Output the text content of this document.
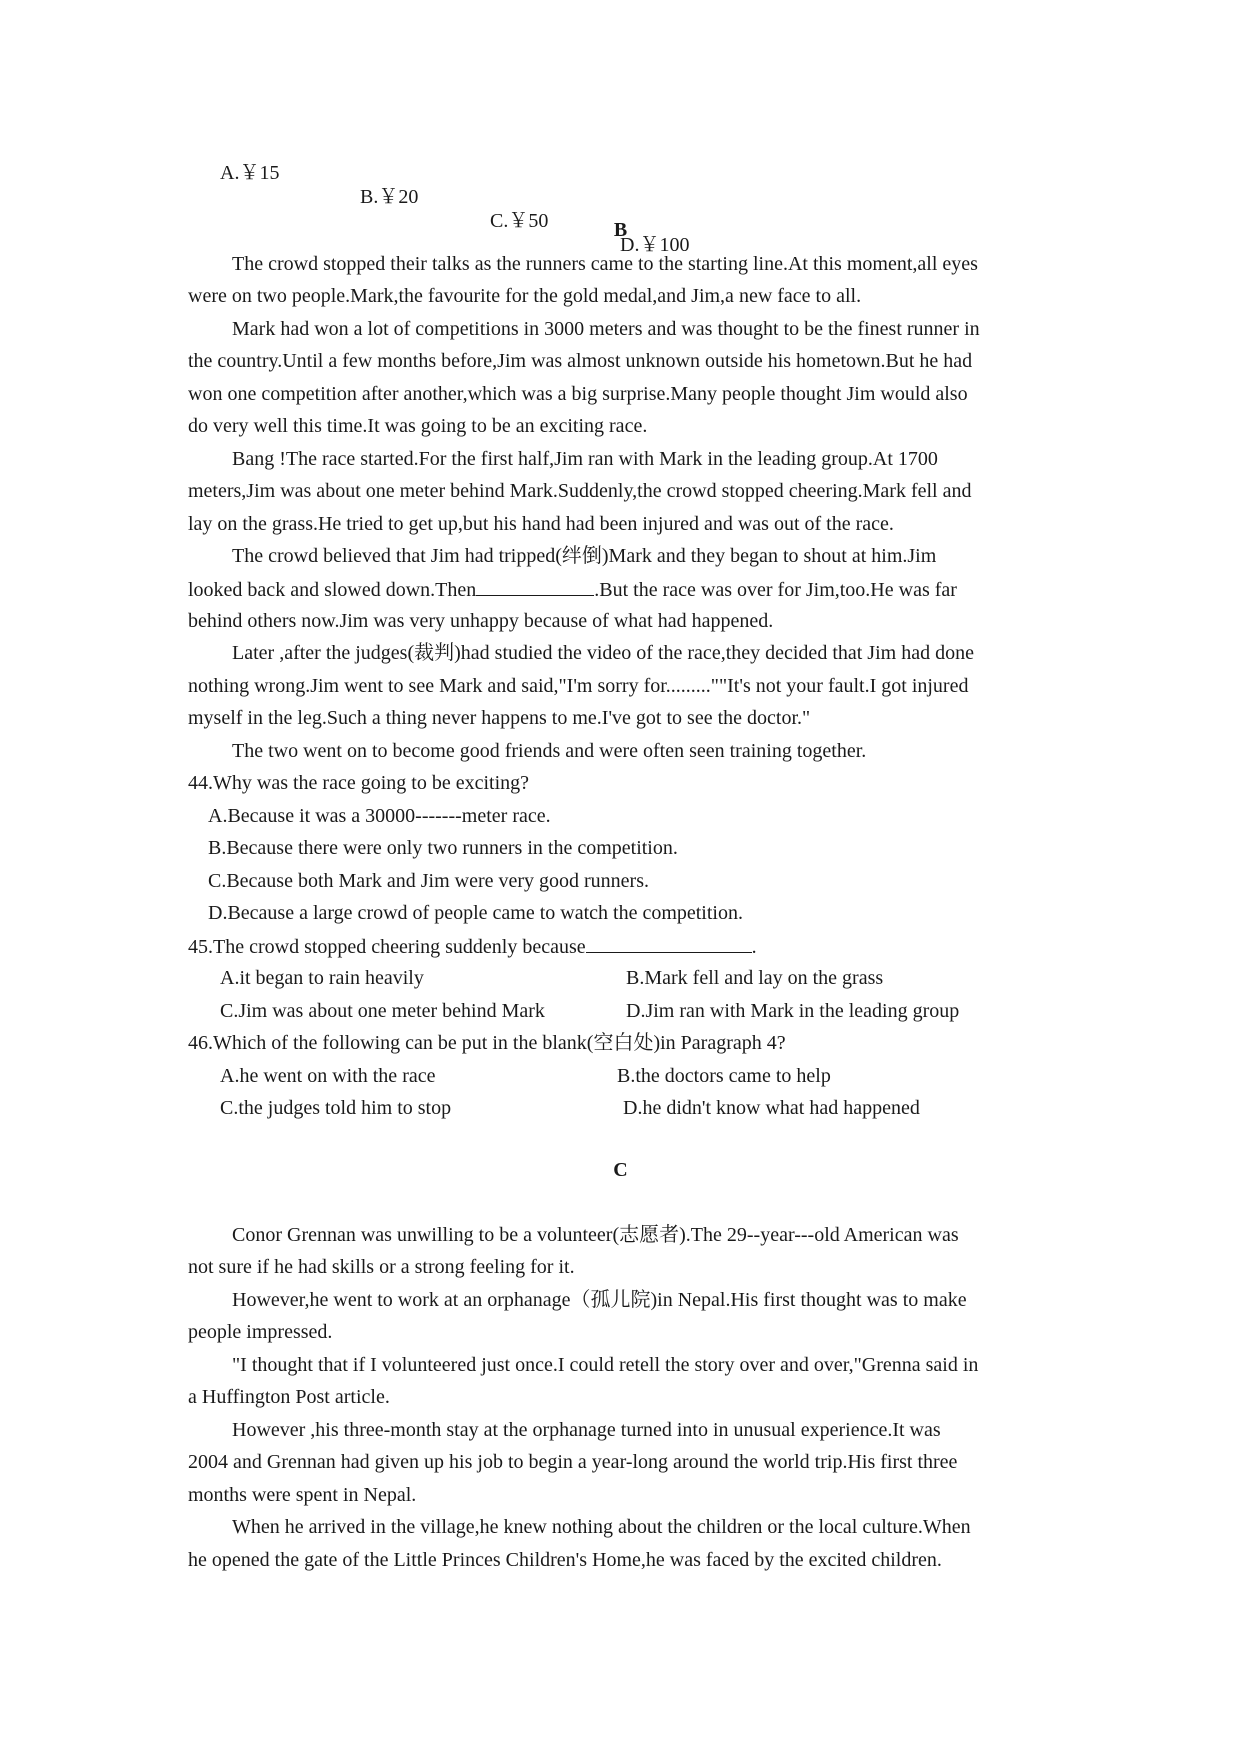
A.￥15

B.￥20

C.￥50

D.￥100

B
The crowd stopped their talks as the runners came to the starting line.At this moment,all eyes
were on two people.Mark,the favourite for the gold medal,and Jim,a new face to all.
Mark had won a lot of competitions in 3000 meters and was thought to be the finest runner in
the country.Until a few months before,Jim was almost unknown outside his hometown.But he had
won one competition after another,which was a big surprise.Many people thought Jim would also
do very well this time.It was going to be an exciting race.
Bang !The race started.For the first half,Jim ran with Mark in the leading group.At 1700
meters,Jim was about one meter behind Mark.Suddenly,the crowd stopped cheering.Mark fell and
lay on the grass.He tried to get up,but his hand had been injured and was out of the race.
The crowd believed that Jim had tripped(绊倒)Mark and they began to shout at him.Jim
looked back and slowed down.Then	.But the race was over for Jim,too.He was far
behind others now.Jim was very unhappy because of what had happened.
Later ,after the judges(裁判)had studied the video of the race,they decided that Jim had done
nothing wrong.Jim went to see Mark and said,"I'm sorry for.........""It's not your fault.I got injured
myself in the leg.Such a thing never happens to me.I've got to see the doctor."
The two went on to become good friends and were often seen training together.
44.Why was the race going to be exciting?
A.Because it was a 30000-------meter race.
B.Because there were only two runners in the competition.
C.Because both Mark and Jim were very good runners.
D.Because a large crowd of people came to watch the competition.
45.The crowd stopped cheering suddenly because	.
A.it began to rain heavily	B.Mark fell and lay on the grass
C.Jim was about one meter behind Mark	D.Jim ran with Mark in the leading group
46.Which of the following can be put in the blank(空白处)in Paragraph 4?
A.he went on with the race	B.the doctors came to help
C.the judges told him to stop	D.he didn't know what had happened
C
Conor Grennan was unwilling to be a volunteer(志愿者).The 29--year---old American was
not sure if he had skills or a strong feeling for it.
However,he went to work at an orphanage（孤儿院)in Nepal.His first thought was to make
people impressed.
"I thought that if I volunteered just once.I could retell the story over and over,"Grenna said in
a Huffington Post article.
However ,his three-month stay at the orphanage turned into in unusual experience.It was
2004 and Grennan had given up his job to begin a year-long around the world trip.His first three
months were spent in Nepal.
When he arrived in the village,he knew nothing about the children or the local culture.When
he opened the gate of the Little Princes Children's Home,he was faced by the excited children.
